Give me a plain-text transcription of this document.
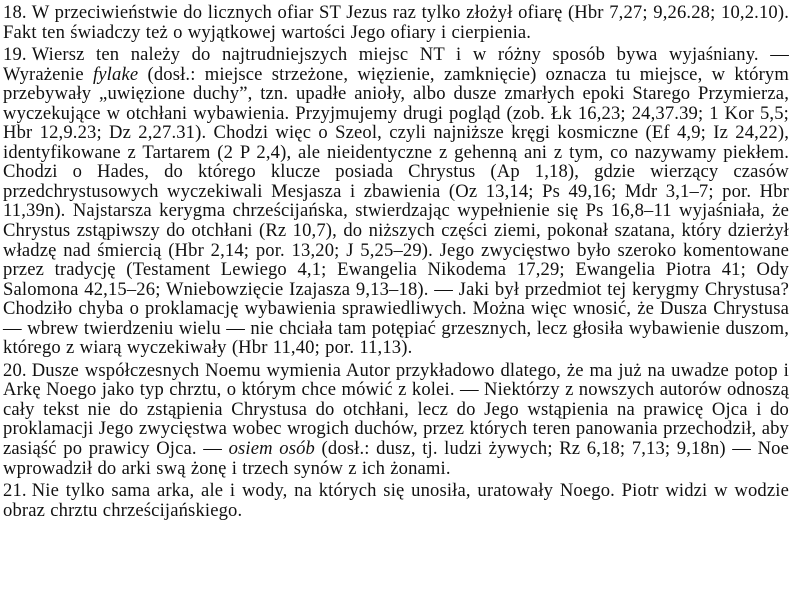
18. W przeciwieństwie do licznych ofiar ST Jezus raz tylko złożył ofiarę (Hbr 7,27; 9,26.28; 10,2.10). Fakt ten świadczy też o wyjątkowej wartości Jego ofiary i cierpienia.

19. Wiersz ten należy do najtrudniejszych miejsc NT i w różny sposób bywa wyjaśniany. — Wyrażenie fylake (dosł.: miejsce strzeżone, więzienie, zamknięcie) oznacza tu miejsce, w którym przebywały „uwięzione duchy”, tzn. upadłe anioły, albo dusze zmarłych epoki Starego Przymierza, wyczekujące w otchłani wybawienia. Przyjmujemy drugi pogląd (zob. Łk 16,23; 24,37.39; 1 Kor 5,5; Hbr 12,9.23; Dz 2,27.31). Chodzi więc o Szeol, czyli najniższe kręgi kosmiczne (Ef 4,9; Iz 24,22), identyfikowane z Tartarem (2 P 2,4), ale nieidentyczne z gehenną ani z tym, co nazywamy piekłem. Chodzi o Hades, do którego klucze posiada Chrystus (Ap 1,18), gdzie wierzący czasów przedchrystusowych wyczekiwali Mesjasza i zbawienia (Oz 13,14; Ps 49,16; Mdr 3,1–7; por. Hbr 11,39n). Najstarsza kerygma chrześcijańska, stwierdzając wypełnienie się Ps 16,8–11 wyjaśniała, że Chrystus zstąpiwszy do otchłani (Rz 10,7), do niższych części ziemi, pokonał szatana, który dzierżył władzę nad śmiercią (Hbr 2,14; por. 13,20; J 5,25–29). Jego zwycięstwo było szeroko komentowane przez tradycję (Testament Lewiego 4,1; Ewangelia Nikodema 17,29; Ewangelia Piotra 41; Ody Salomona 42,15–26; Wniebowzięcie Izajasza 9,13–18). — Jaki był przedmiot tej kerygmy Chrystusa? Chodziło chyba o proklamację wybawienia sprawiedliwych. Można więc wnosić, że Dusza Chrystusa — wbrew twierdzeniu wielu — nie chciała tam potępiać grzesznych, lecz głosiła wybawienie duszom, którego z wiarą wyczekiwały (Hbr 11,40; por. 11,13).

20. Dusze współczesnych Noemu wymienia Autor przykładowo dlatego, że ma już na uwadze potop i Arkę Noego jako typ chrztu, o którym chce mówić z kolei. — Niektórzy z nowszych autorów odnoszą cały tekst nie do zstąpienia Chrystusa do otchłani, lecz do Jego wstąpienia na prawicę Ojca i do proklamacji Jego zwycięstwa wobec wrogich duchów, przez których teren panowania przechodził, aby zasiąść po prawicy Ojca. — osiem osób (dosł.: dusz, tj. ludzi żywych; Rz 6,18; 7,13; 9,18n) — Noe wprowadził do arki swą żonę i trzech synów z ich żonami.

21. Nie tylko sama arka, ale i wody, na których się unosiła, uratowały Noego. Piotr widzi w wodzie obraz chrztu chrześcijańskiego.
